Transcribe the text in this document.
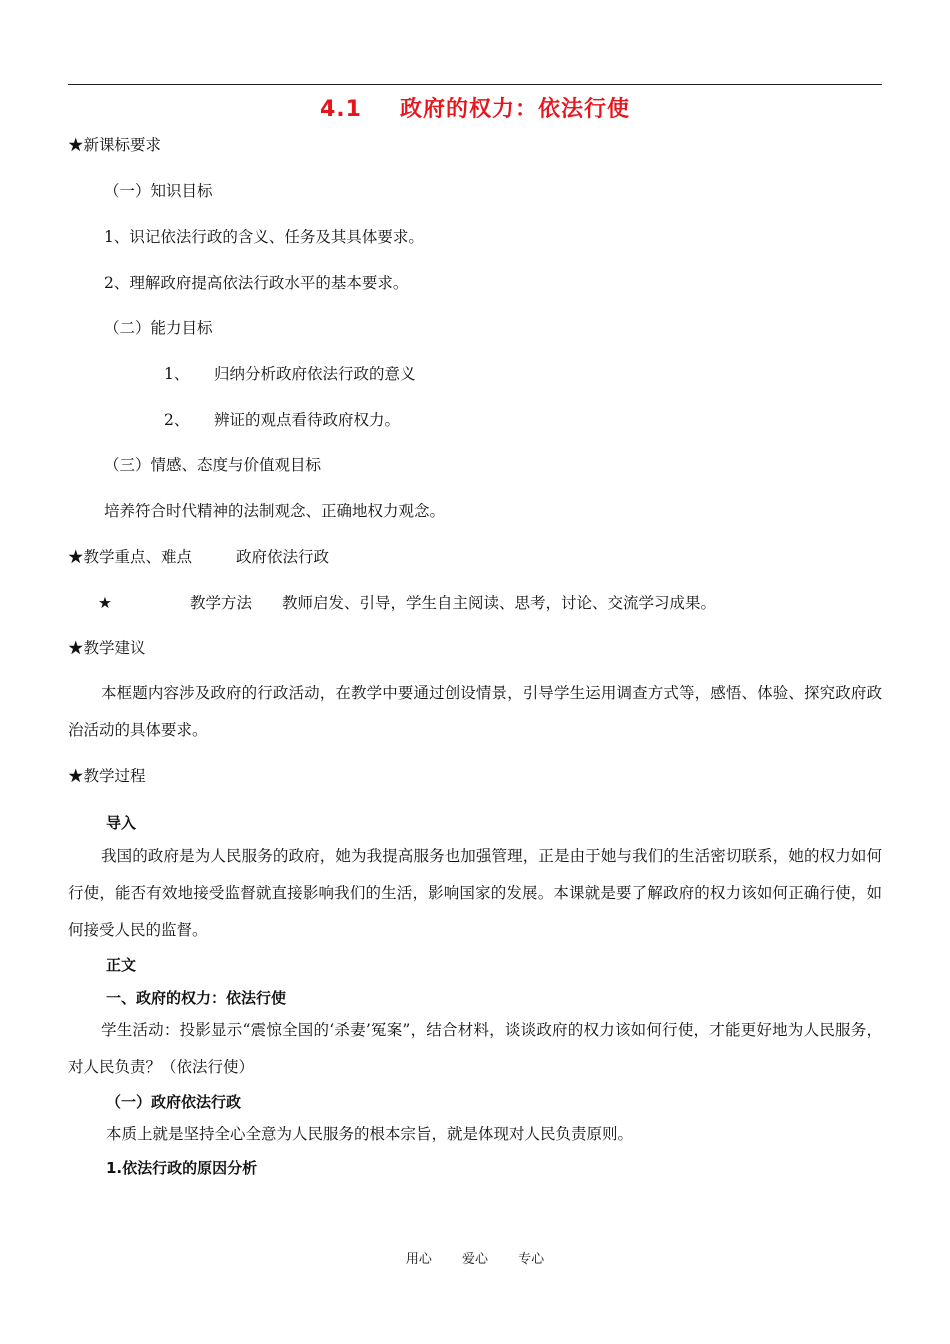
4.1 政府的权力：依法行使
★新课标要求
（一）知识目标
1、识记依法行政的含义、任务及其具体要求。
2、理解政府提高依法行政水平的基本要求。
（二）能力目标
1、 归纳分析政府依法行政的意义
2、 辨证的观点看待政府权力。
（三）情感、态度与价值观目标
培养符合时代精神的法制观念、正确地权力观念。
★教学重点、难点	政府依法行政
★	教学方法 教师启发、引导，学生自主阅读、思考，讨论、交流学习成果。
★教学建议
本框题内容涉及政府的行政活动，在教学中要通过创设情景，引导学生运用调查方式等，感悟、体验、探究政府政治活动的具体要求。
★教学过程
导入
我国的政府是为人民服务的政府，她为我提高服务也加强管理，正是由于她与我们的生活密切联系，她的权力如何行使，能否有效地接受监督就直接影响我们的生活，影响国家的发展。本课就是要了解政府的权力该如何正确行使，如何接受人民的监督。
正文
一、政府的权力：依法行使
学生活动：投影显示“震惊全国的‘杀妻’冤案”，结合材料，谈谈政府的权力该如何行使，才能更好地为人民服务，对人民负责？（依法行使）
（一）政府依法行政
本质上就是坚持全心全意为人民服务的根本宗旨，就是体现对人民负责原则。
1.依法行政的原因分析
用心 爱心 专心
